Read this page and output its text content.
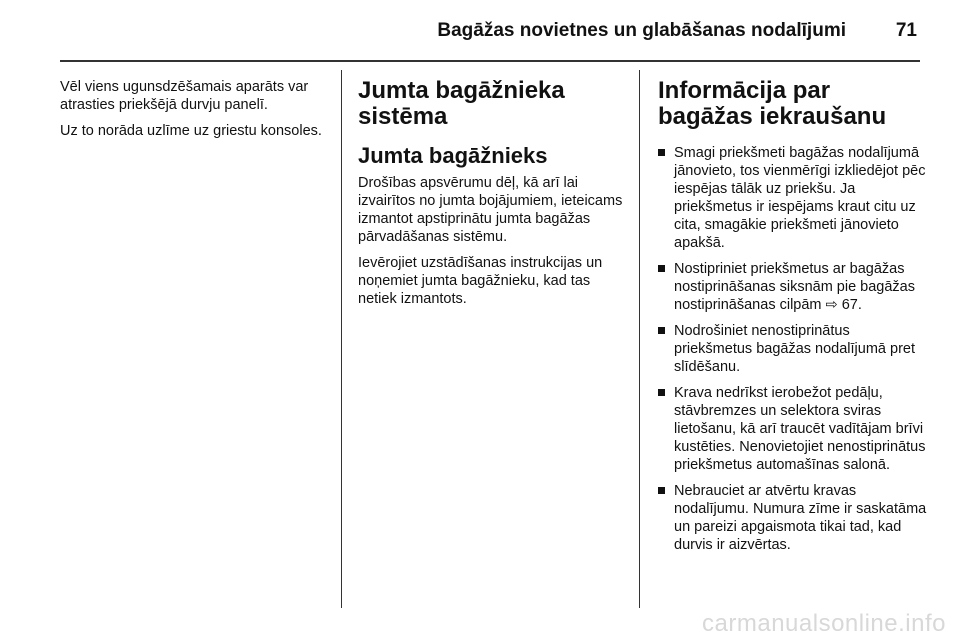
Bagāžas novietnes un glabāšanas nodalījumi	71

Vēl viens ugunsdzēšamais aparāts var atrasties priekšējā durvju panelī.

Uz to norāda uzlīme uz griestu konsoles.

Jumta bagāžnieka sistēma
Jumta bagāžnieks

Drošības apsvērumu dēļ, kā arī lai izvairītos no jumta bojājumiem, ieteicams izmantot apstiprinātu jumta bagāžas pārvadāšanas sistēmu.

Ievērojiet uzstādīšanas instrukcijas un noņemiet jumta bagāžnieku, kad tas netiek izmantots.

Informācija par bagāžas iekraušanu
Smagi priekšmeti bagāžas nodalījumā jānovieto, tos vienmērīgi izkliedējot pēc iespējas tālāk uz priekšu. Ja priekšmetus ir iespējams kraut citu uz cita, smagākie priekšmeti jānovieto apakšā.
Nostipriniet priekšmetus ar bagāžas nostiprināšanas siksnām pie bagāžas nostiprināšanas cilpām ⇨ 67.
Nodrošiniet nenostiprinātus priekšmetus bagāžas nodalījumā pret slīdēšanu.
Krava nedrīkst ierobežot pedāļu, stāvbremzes un selektora sviras lietošanu, kā arī traucēt vadītājam brīvi kustēties. Nenovietojiet nenostiprinātus priekšmetus automašīnas salonā.
Nebrauciet ar atvērtu kravas nodalījumu. Numura zīme ir saskatāma un pareizi apgaismota tikai tad, kad durvis ir aizvērtas.
carmanualsonline.info
